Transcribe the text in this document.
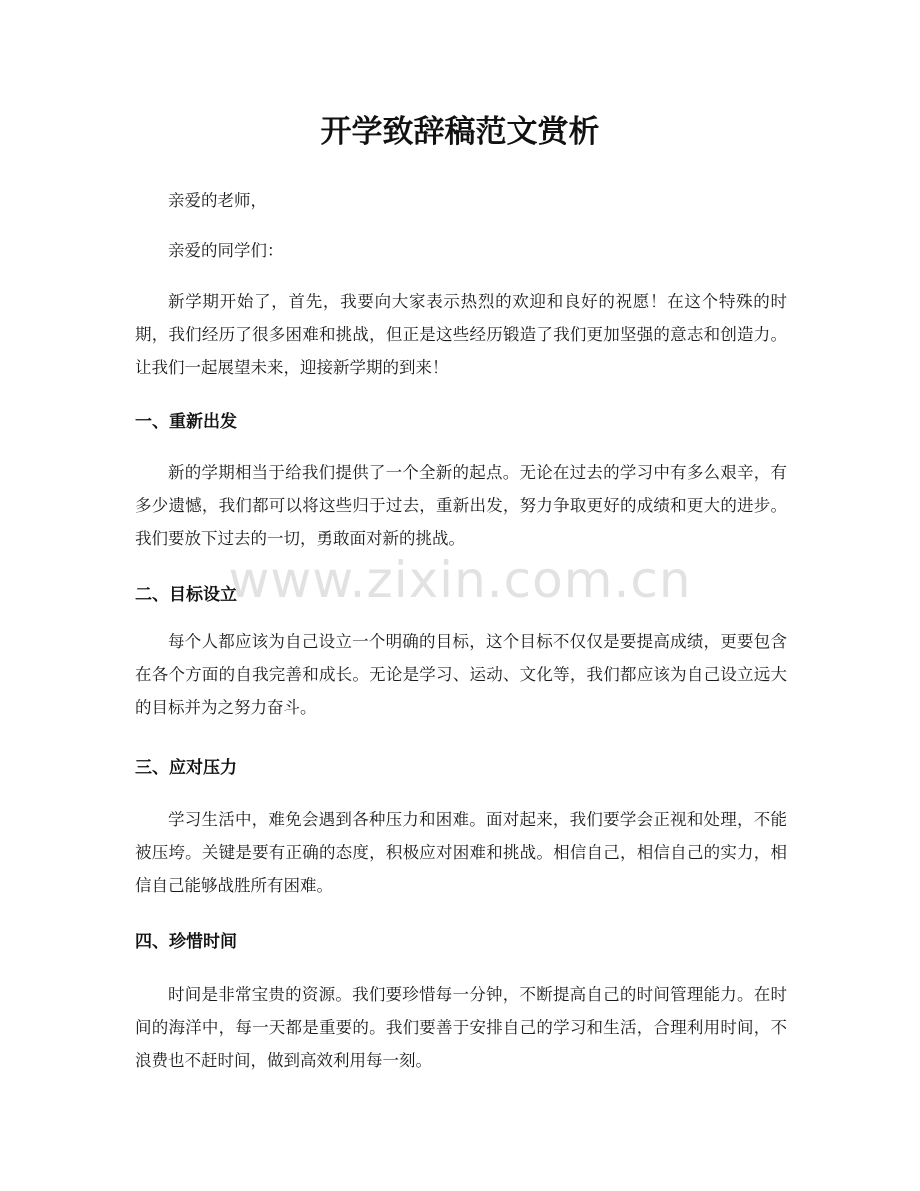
开学致辞稿范文赏析

亲爱的老师，

亲爱的同学们：

新学期开始了，首先，我要向大家表示热烈的欢迎和良好的祝愿！在这个特殊的时期，我们经历了很多困难和挑战，但正是这些经历锻造了我们更加坚强的意志和创造力。让我们一起展望未来，迎接新学期的到来！

一、重新出发

新的学期相当于给我们提供了一个全新的起点。无论在过去的学习中有多么艰辛，有多少遗憾，我们都可以将这些归于过去，重新出发，努力争取更好的成绩和更大的进步。我们要放下过去的一切，勇敢面对新的挑战。

二、目标设立

每个人都应该为自己设立一个明确的目标，这个目标不仅仅是要提高成绩，更要包含在各个方面的自我完善和成长。无论是学习、运动、文化等，我们都应该为自己设立远大的目标并为之努力奋斗。

三、应对压力

学习生活中，难免会遇到各种压力和困难。面对起来，我们要学会正视和处理，不能被压垮。关键是要有正确的态度，积极应对困难和挑战。相信自己，相信自己的实力，相信自己能够战胜所有困难。

四、珍惜时间

时间是非常宝贵的资源。我们要珍惜每一分钟，不断提高自己的时间管理能力。在时间的海洋中，每一天都是重要的。我们要善于安排自己的学习和生活，合理利用时间，不浪费也不赶时间，做到高效利用每一刻。

www.zixin.com.cn
